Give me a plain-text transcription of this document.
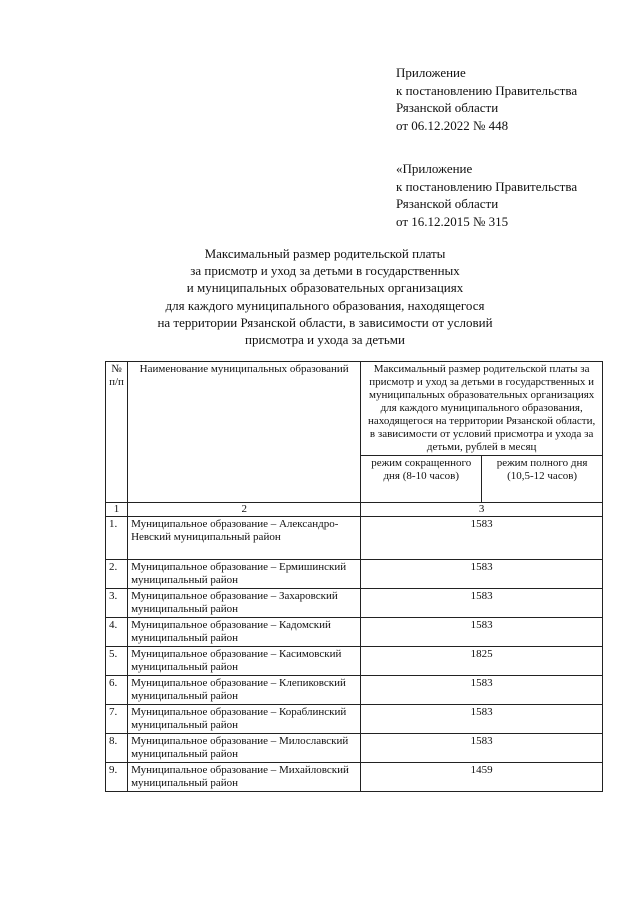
Приложение
к постановлению Правительства
Рязанской области
от 06.12.2022 № 448
«Приложение
к постановлению Правительства
Рязанской области
от 16.12.2015 № 315
Максимальный размер родительской платы
за присмотр и уход за детьми в государственных
и муниципальных образовательных организациях
для каждого муниципального образования, находящегося
на территории Рязанской области, в зависимости от условий
присмотра и ухода за детьми
№ п/п	Наименование муниципальных образований	Максимальный размер родительской платы за присмотр и уход за детьми в государственных и муниципальных образовательных организациях для каждого муниципального образования, находящегося на территории Рязанской области, в зависимости от условий присмотра и ухода за детьми, рублей в месяц	
		режим сокращенного дня (8-10 часов)	режим полного дня (10,5-12 часов)
1	2	3	
1.	Муниципальное образование – Александро-Невский муниципальный район	1583	
2.	Муниципальное образование – Ермишинский муниципальный район	1583	
3.	Муниципальное образование – Захаровский муниципальный район	1583	
4.	Муниципальное образование – Кадомский муниципальный район	1583	
5.	Муниципальное образование – Касимовский муниципальный район	1825	
6.	Муниципальное образование – Клепиковский муниципальный район	1583	
7.	Муниципальное образование – Кораблинский муниципальный район	1583	
8.	Муниципальное образование – Милославский муниципальный район	1583	
9.	Муниципальное образование – Михайловский муниципальный район	1459	
